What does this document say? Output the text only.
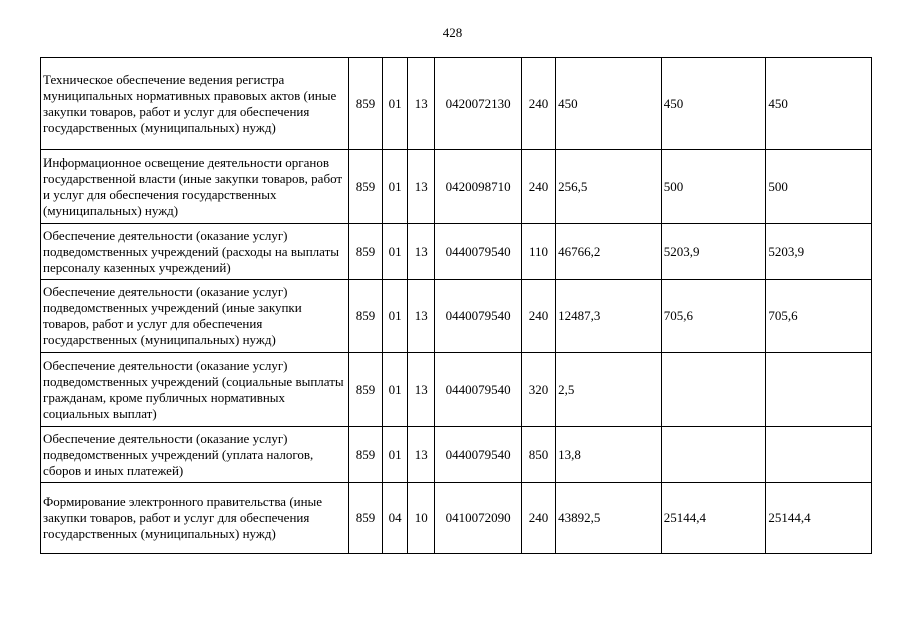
428
Техническое обеспечение ведения регистра муниципальных нормативных правовых актов (иные закупки товаров, работ и услуг для обеспечения государственных (муниципальных) нужд)	859	01	13	0420072130	240	450	450	450
Информационное освещение деятельности органов государственной власти (иные закупки товаров, работ и услуг для обеспечения государственных (муниципальных) нужд)	859	01	13	0420098710	240	256,5	500	500
Обеспечение деятельности (оказание услуг) подведомственных учреждений (расходы на выплаты персоналу казенных учреждений)	859	01	13	0440079540	110	46766,2	5203,9	5203,9
Обеспечение деятельности (оказание услуг) подведомственных учреждений (иные закупки товаров, работ и услуг для обеспечения государственных (муниципальных) нужд)	859	01	13	0440079540	240	12487,3	705,6	705,6
Обеспечение деятельности (оказание услуг) подведомственных учреждений (социальные выплаты гражданам, кроме публичных нормативных социальных выплат)	859	01	13	0440079540	320	2,5		
Обеспечение деятельности (оказание услуг) подведомственных учреждений (уплата налогов, сборов и иных платежей)	859	01	13	0440079540	850	13,8		
Формирование электронного правительства (иные закупки товаров, работ и услуг для обеспечения государственных (муниципальных) нужд)	859	04	10	0410072090	240	43892,5	25144,4	25144,4
